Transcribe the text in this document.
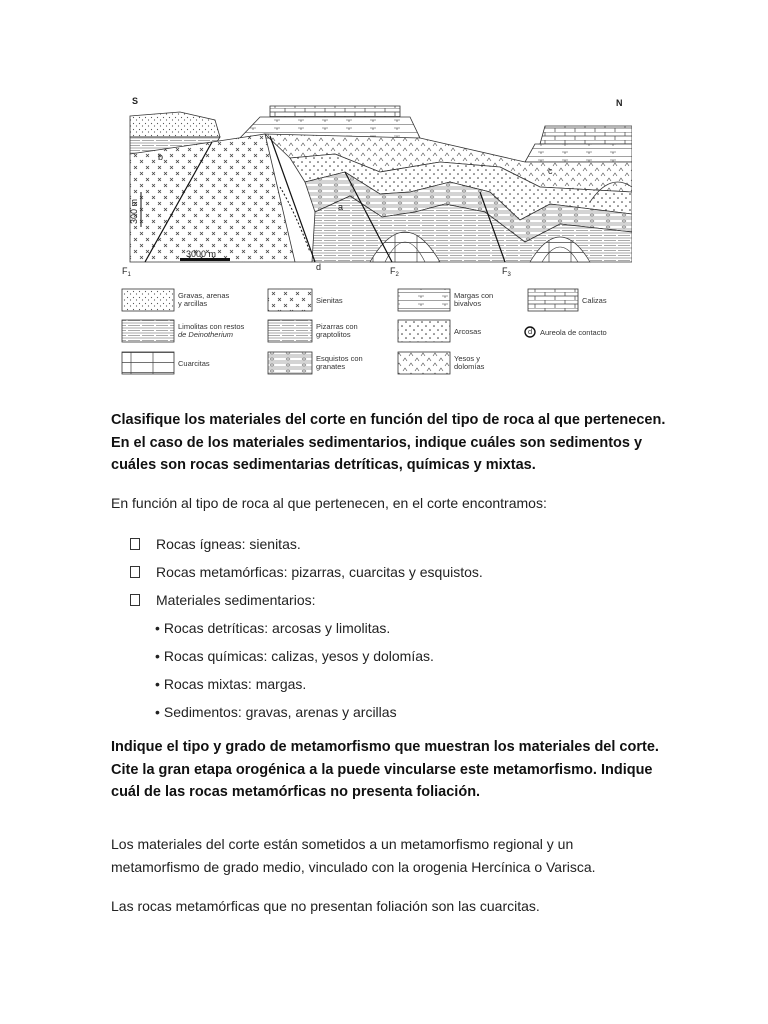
S	N
b
a
c
d
$F_1$	$F_2$	$F_3$
300 m
3000 m
Gravas, arenas
y arcillas	Sienitas
Margas con
bivalvos	Calizas
Limolitas con restos
de Deinotherium
Pizarras con
graptolitos	Arcosas	d Aureola de contacto
Cuarcitas
Esquistos con
granates
Yesos y
dolomías
Clasifique los materiales del corte en función del tipo de roca al que pertenecen.
En el caso de los materiales sedimentarios, indique cuáles son sedimentos y
cuáles son rocas sedimentarias detríticas, químicas y mixtas.
En función al tipo de roca al que pertenecen, en el corte encontramos:
Rocas ígneas: sienitas.
Rocas metamórficas: pizarras, cuarcitas y esquistos.
Materiales sedimentarios:
• Rocas detríticas: arcosas y limolitas.
• Rocas químicas: calizas, yesos y dolomías.
• Rocas mixtas: margas.
• Sedimentos: gravas, arenas y arcillas
Indique el tipo y grado de metamorfismo que muestran los materiales del corte.
Cite la gran etapa orogénica a la puede vincularse este metamorfismo. Indique
cuál de las rocas metamórficas no presenta foliación.
Los materiales del corte están sometidos a un metamorfismo regional y un
metamorfismo de grado medio, vinculado con la orogenia Hercínica o Varisca.
Las rocas metamórficas que no presentan foliación son las cuarcitas.
